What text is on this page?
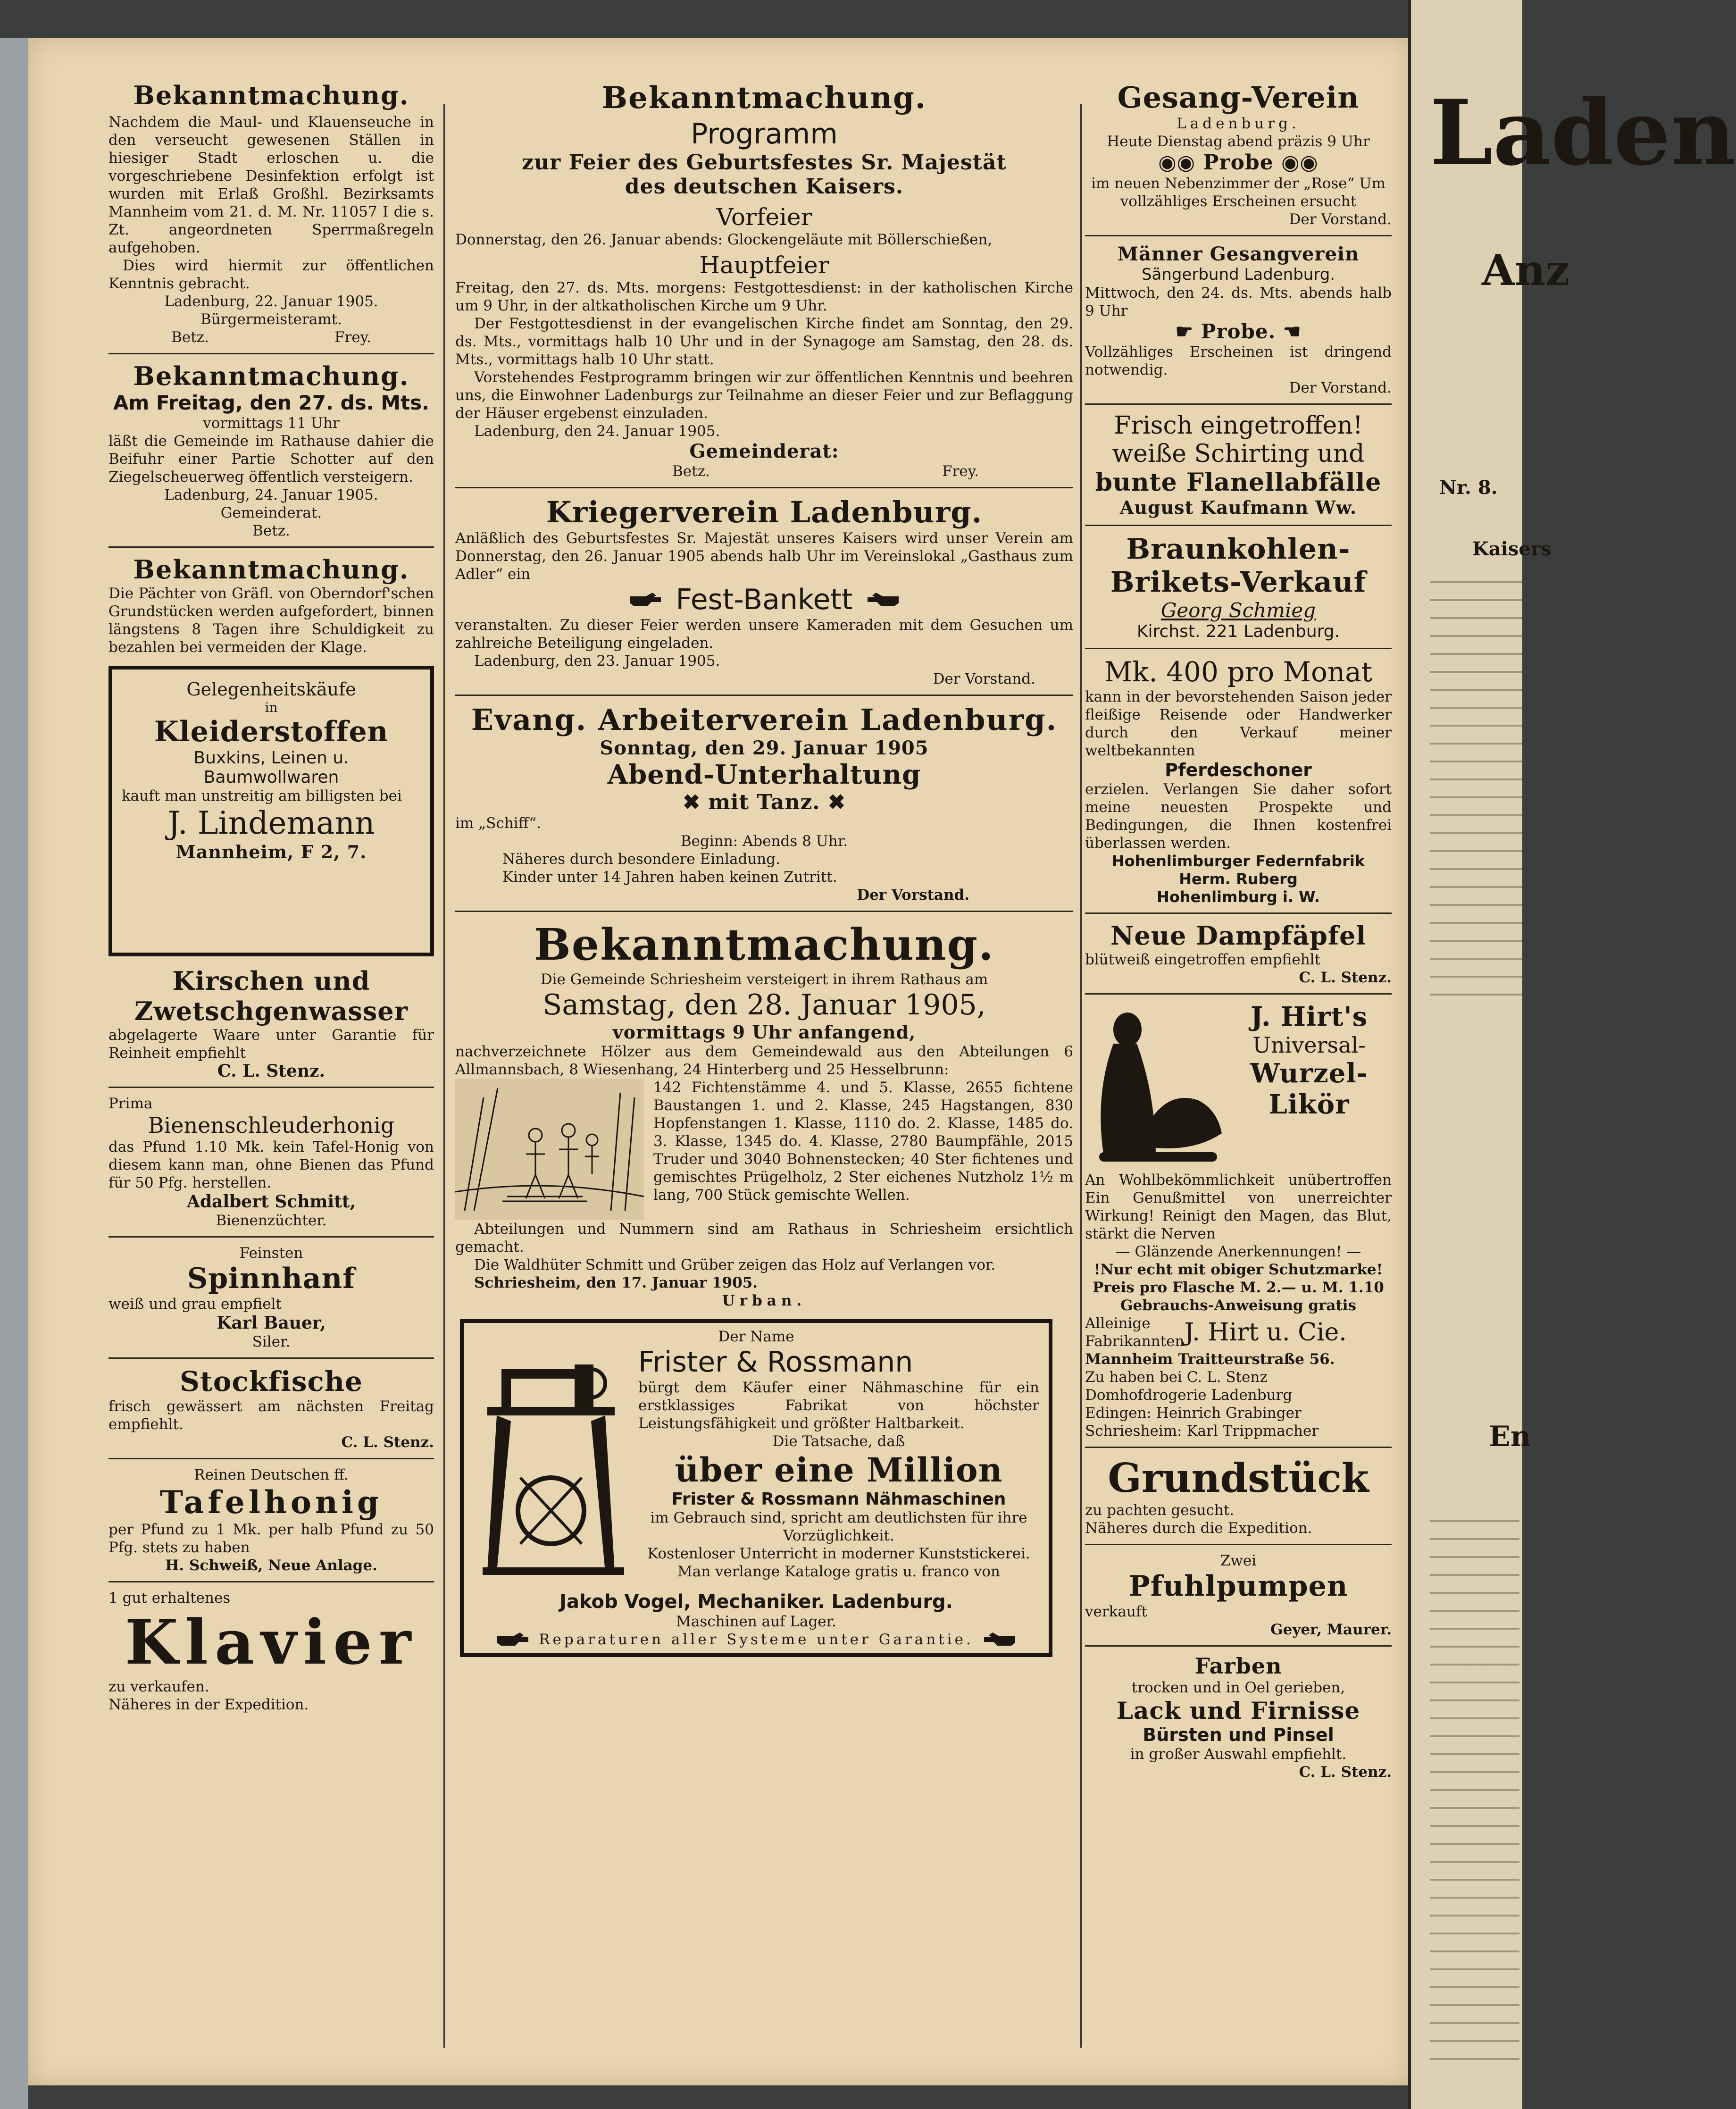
Laden
Anz
Nr. 8.
Kaisers
En
Bekanntmachung.
Nachdem die Maul- und Klauenseuche in den verseucht gewesenen Ställen in hiesiger Stadt erloschen u. die vorgeschriebene Desinfektion erfolgt ist wurden mit Erlaß Großhl. Bezirksamts Mannheim vom 21. d. M. Nr. 11057 I die s. Zt. angeordneten Sperrmaßregeln aufgehoben.
Dies wird hiermit zur öffentlichen Kenntnis gebracht.
Ladenburg, 22. Januar 1905.
Bürgermeisteramt.
Betz.	Frey.
Bekanntmachung.
Am Freitag, den 27. ds. Mts.
vormittags 11 Uhr
läßt die Gemeinde im Rathause dahier die Beifuhr einer Partie Schotter auf den Ziegelscheuerweg öffentlich versteigern.
Ladenburg, 24. Januar 1905.
Gemeinderat.
Betz.
Bekanntmachung.
Die Pächter von Gräfl. von Oberndorf'schen Grundstücken werden aufgefordert, binnen längstens 8 Tagen ihre Schuldigkeit zu bezahlen bei vermeiden der Klage.
Gelegenheitskäufe
in
Kleiderstoffen
Buxkins, Leinen u.
Baumwollwaren
kauft man unstreitig am billigsten bei
J. Lindemann
Mannheim, F 2, 7.
Kirschen und
Zwetschgenwasser
abgelagerte Waare unter Garantie für Reinheit empfiehlt
C. L. Stenz.
Prima
Bienenschleuderhonig
das Pfund 1.10 Mk. kein Tafel-Honig von diesem kann man, ohne Bienen das Pfund für 50 Pfg. herstellen.
Adalbert Schmitt,
Bienenzüchter.
Feinsten
Spinnhanf
weiß und grau empfielt
Karl Bauer,
Siler.
Stockfische
frisch gewässert am nächsten Freitag empfiehlt.
C. L. Stenz.
Reinen Deutschen ff.
Tafelhonig
per Pfund zu 1 Mk. per halb Pfund zu 50 Pfg. stets zu haben
H. Schweiß, Neue Anlage.
1 gut erhaltenes
Klavier
zu verkaufen.
Näheres in der Expedition.
Bekanntmachung.
Programm
zur Feier des Geburtsfestes Sr. Majestät
des deutschen Kaisers.
Vorfeier
Donnerstag, den 26. Januar abends: Glockengeläute mit Böllerschießen,
Hauptfeier
Freitag, den 27. ds. Mts. morgens: Festgottesdienst: in der katholischen Kirche um 9 Uhr, in der altkatholischen Kirche um 9 Uhr.
Der Festgottesdienst in der evangelischen Kirche findet am Sonntag, den 29. ds. Mts., vormittags halb 10 Uhr und in der Synagoge am Samstag, den 28. ds. Mts., vormittags halb 10 Uhr statt.
Vorstehendes Festprogramm bringen wir zur öffentlichen Kenntnis und beehren uns, die Einwohner Ladenburgs zur Teilnahme an dieser Feier und zur Beflaggung der Häuser ergebenst einzuladen.
Ladenburg, den 24. Januar 1905.
Gemeinderat:
Betz.	Frey.
Kriegerverein Ladenburg.
Anläßlich des Geburtsfestes Sr. Majestät unseres Kaisers wird unser Verein am Donnerstag, den 26. Januar 1905 abends halb Uhr im Vereinslokal „Gasthaus zum Adler“ ein
Fest-Bankett
veranstalten. Zu dieser Feier werden unsere Kameraden mit dem Gesuchen um zahlreiche Beteiligung eingeladen.
Ladenburg, den 23. Januar 1905.
Der Vorstand.
Evang. Arbeiterverein Ladenburg.
Sonntag, den 29. Januar 1905
Abend-Unterhaltung
✖ mit Tanz. ✖
im „Schiff“.
Beginn: Abends 8 Uhr.
Näheres durch besondere Einladung.
Kinder unter 14 Jahren haben keinen Zutritt.
Der Vorstand.
Bekanntmachung.
Die Gemeinde Schriesheim versteigert in ihrem Rathaus am
Samstag, den 28. Januar 1905,
vormittags 9 Uhr anfangend,
nachverzeichnete Hölzer aus dem Gemeindewald aus den Abteilungen 6 Allmannsbach, 8 Wiesenhang, 24 Hinterberg und 25 Hesselbrunn:
142 Fichtenstämme 4. und 5. Klasse, 2655 fichtene Baustangen 1. und 2. Klasse, 245 Hagstangen, 830 Hopfenstangen 1. Klasse, 1110 do. 2. Klasse, 1485 do. 3. Klasse, 1345 do. 4. Klasse, 2780 Baumpfähle, 2015 Truder und 3040 Bohnenstecken; 40 Ster fichtenes und gemischtes Prügelholz, 2 Ster eichenes Nutzholz 1½ m lang, 700 Stück gemischte Wellen.
Abteilungen und Nummern sind am Rathaus in Schriesheim ersichtlich gemacht.
Die Waldhüter Schmitt und Grüber zeigen das Holz auf Verlangen vor.
Schriesheim, den 17. Januar 1905.
Urban.
Der Name
Frister & Rossmann
bürgt dem Käufer einer Nähmaschine für ein erstklassiges Fabrikat von höchster Leistungsfähigkeit und größter Haltbarkeit.
Die Tatsache, daß
über eine Million
Frister & Rossmann Nähmaschinen
im Gebrauch sind, spricht am deutlichsten für ihre Vorzüglichkeit.
Kostenloser Unterricht in moderner Kunststickerei.
Man verlange Kataloge gratis u. franco von
Jakob Vogel, Mechaniker. Ladenburg.
Maschinen auf Lager.
Reparaturen aller Systeme unter Garantie.
Gesang-Verein
Ladenburg.
Heute Dienstag abend präzis 9 Uhr
◉◉ Probe ◉◉
im neuen Nebenzimmer der „Rose“ Um vollzähliges Erscheinen ersucht
Der Vorstand.
Männer Gesangverein
Sängerbund Ladenburg.
Mittwoch, den 24. ds. Mts. abends halb 9 Uhr
☛ Probe. ☚
Vollzähliges Erscheinen ist dringend notwendig.
Der Vorstand.
Frisch eingetroffen!
weiße Schirting und
bunte Flanellabfälle
August Kaufmann Ww.
Braunkohlen-
Brikets-Verkauf
Georg Schmieg
Kirchst. 221 Ladenburg.
Mk. 400 pro Monat
kann in der bevorstehenden Saison jeder fleißige Reisende oder Handwerker durch den Verkauf meiner weltbekannten
Pferdeschoner
erzielen. Verlangen Sie daher sofort meine neuesten Prospekte und Bedingungen, die Ihnen kostenfrei überlassen werden.
Hohenlimburger Federnfabrik
Herm. Ruberg
Hohenlimburg i. W.
Neue Dampfäpfel
blütweiß eingetroffen empfiehlt
C. L. Stenz.
J. Hirt's
Universal-
Wurzel-
Likör
An Wohlbekömmlichkeit unübertroffen Ein Genußmittel von unerreichter Wirkung! Reinigt den Magen, das Blut, stärkt die Nerven
— Glänzende Anerkennungen! —
!Nur echt mit obiger Schutzmarke!
Preis pro Flasche M. 2.— u. M. 1.10
Gebrauchs-Anweisung gratis
Alleinige
Fabrikannten J. Hirt u. Cie.
Mannheim Traitteurstraße 56.
Zu haben bei C. L. Stenz
Domhofdrogerie Ladenburg
Edingen: Heinrich Grabinger
Schriesheim: Karl Trippmacher
Grundstück
zu pachten gesucht.
Näheres durch die Expedition.
Zwei
Pfuhlpumpen
verkauft
Geyer, Maurer.
Farben
trocken und in Oel gerieben,
Lack und Firnisse
Bürsten und Pinsel
in großer Auswahl empfiehlt.
C. L. Stenz.
